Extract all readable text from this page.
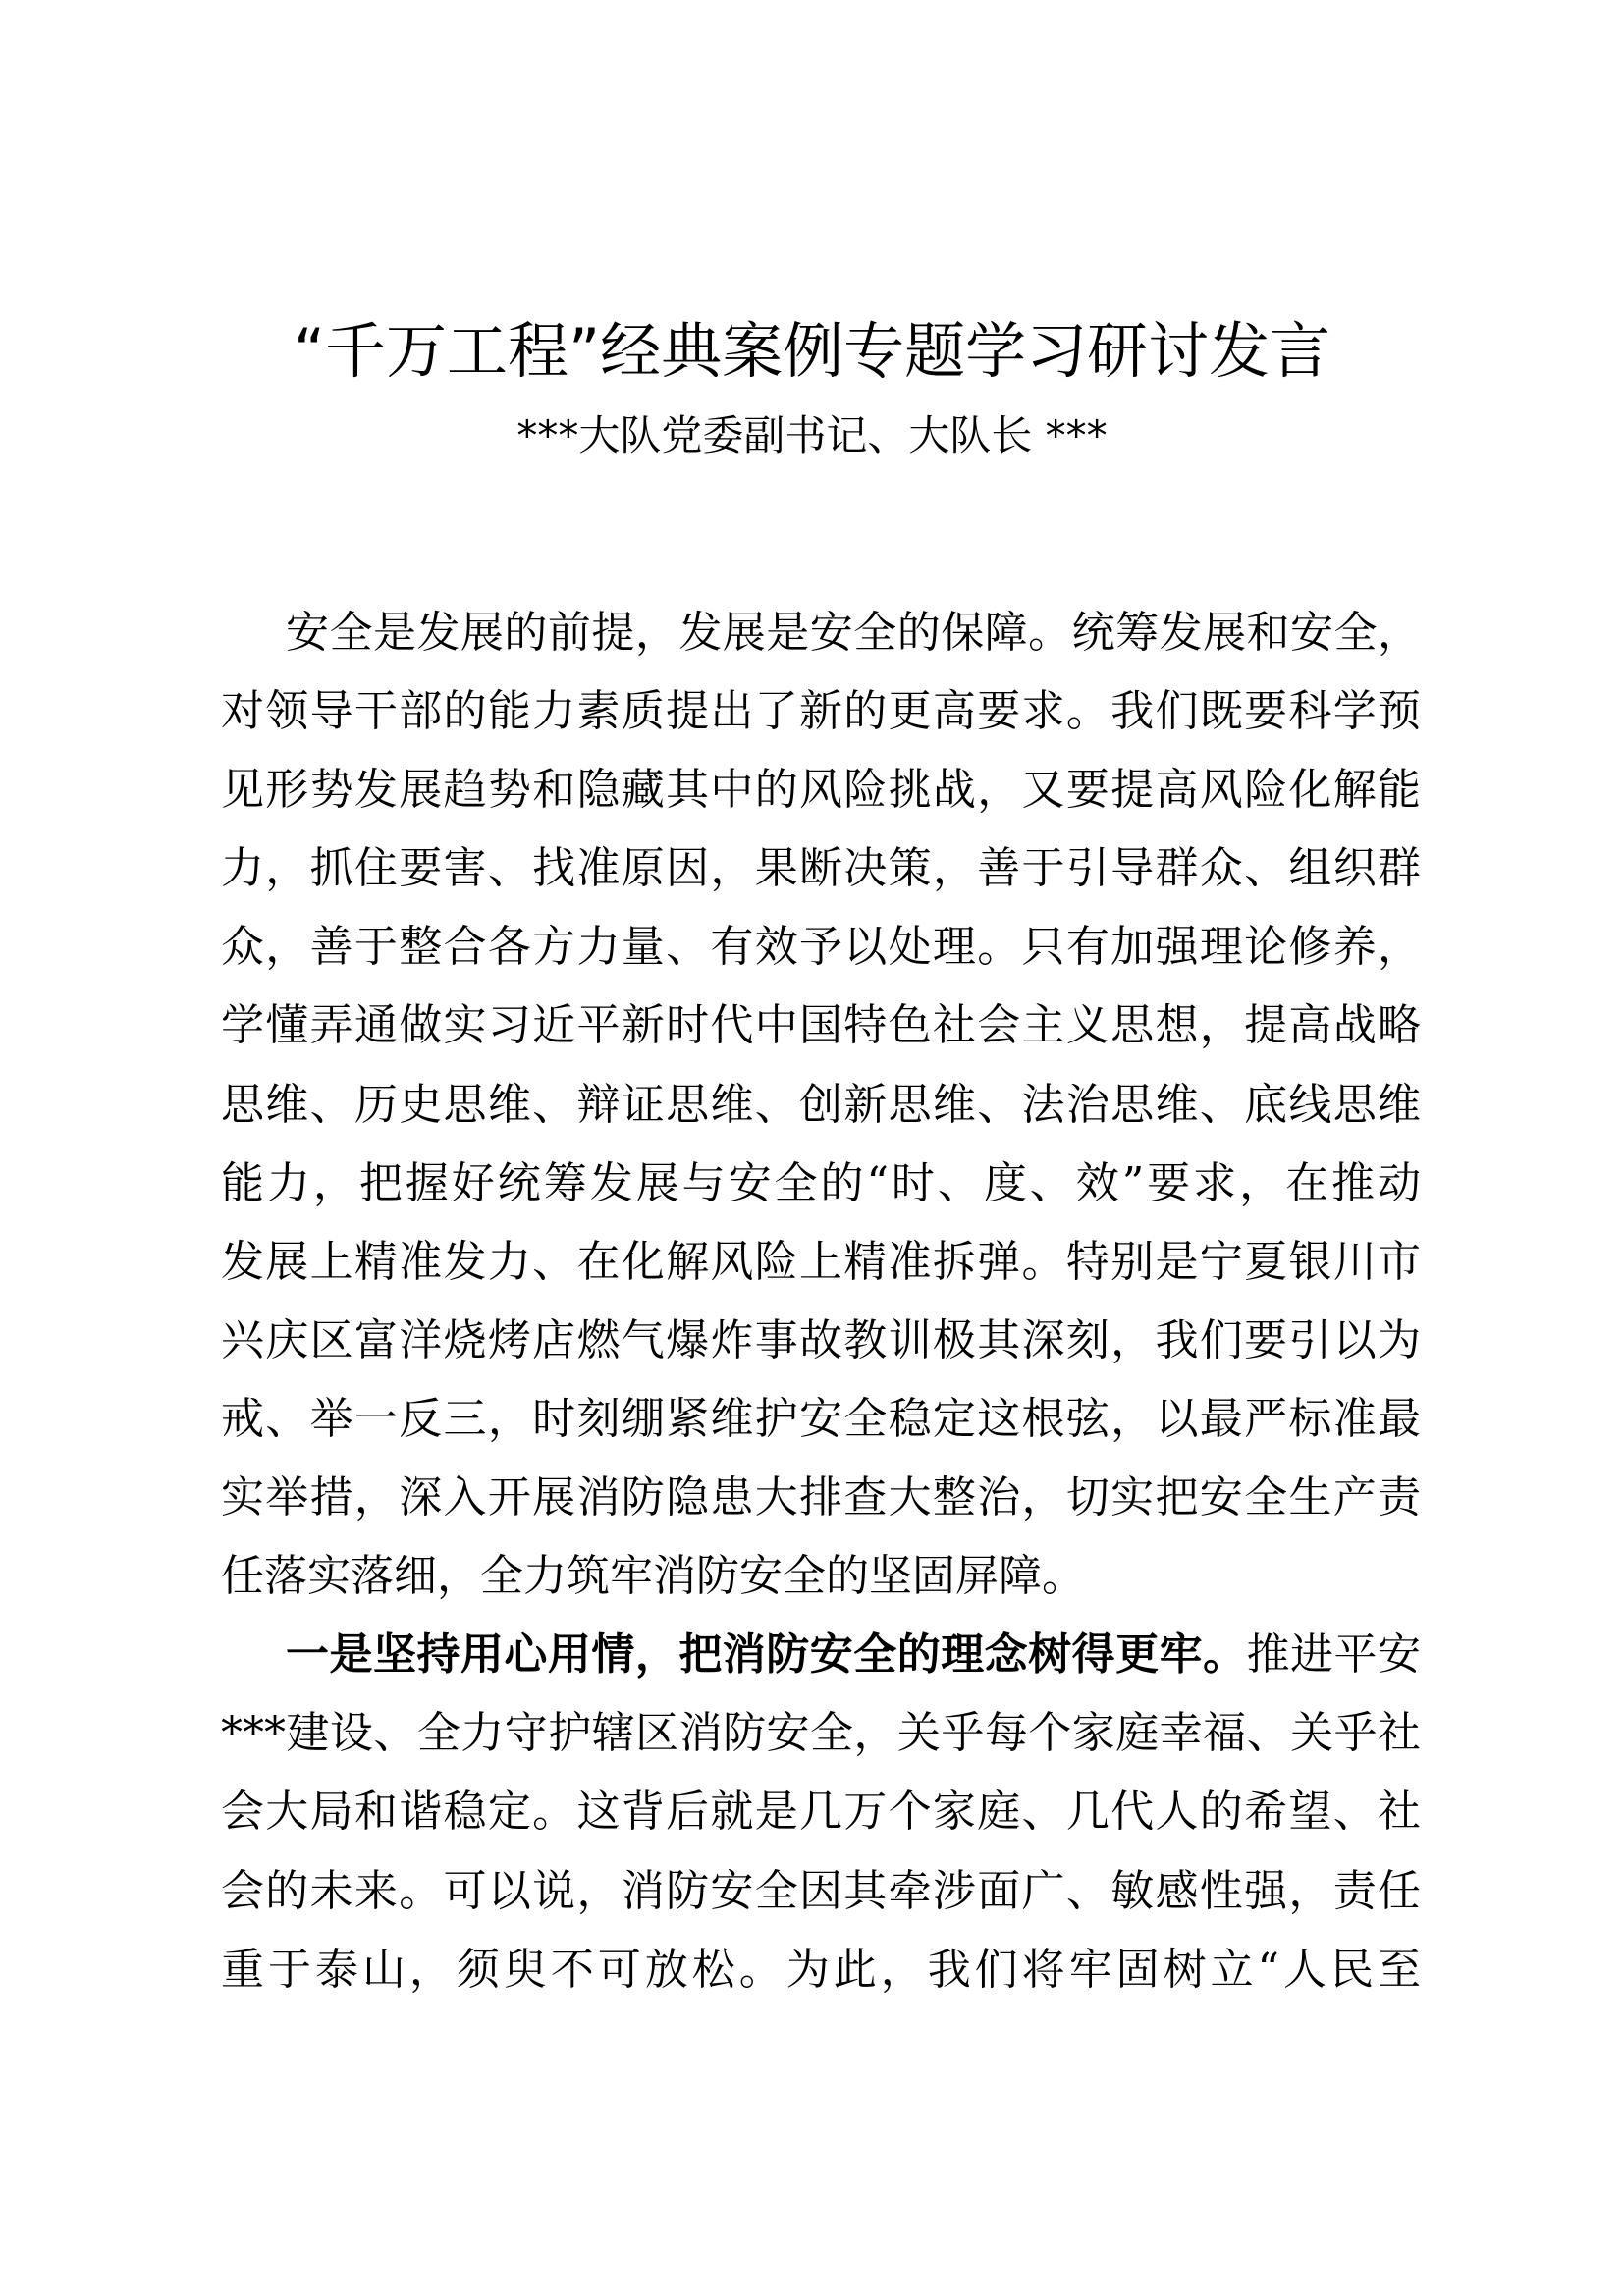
“千万工程”经典案例专题学习研讨发言
***大队党委副书记、大队长 ***
安全是发展的前提，发展是安全的保障。统筹发展和安全，
对领导干部的能力素质提出了新的更高要求。我们既要科学预
见形势发展趋势和隐藏其中的风险挑战，又要提高风险化解能
力，抓住要害、找准原因，果断决策，善于引导群众、组织群
众，善于整合各方力量、有效予以处理。只有加强理论修养，
学懂弄通做实习近平新时代中国特色社会主义思想，提高战略
思维、历史思维、辩证思维、创新思维、法治思维、底线思维
能力，把握好统筹发展与安全的“时、度、效”要求，在推动
发展上精准发力、在化解风险上精准拆弹。特别是宁夏银川市
兴庆区富洋烧烤店燃气爆炸事故教训极其深刻，我们要引以为
戒、举一反三，时刻绷紧维护安全稳定这根弦，以最严标准最
实举措，深入开展消防隐患大排查大整治，切实把安全生产责
任落实落细，全力筑牢消防安全的坚固屏障。
一是坚持用心用情，把消防安全的理念树得更牢。推进平安
***建设、全力守护辖区消防安全，关乎每个家庭幸福、关乎社
会大局和谐稳定。这背后就是几万个家庭、几代人的希望、社
会的未来。可以说，消防安全因其牵涉面广、敏感性强，责任
重于泰山，须臾不可放松。为此，我们将牢固树立“人民至
